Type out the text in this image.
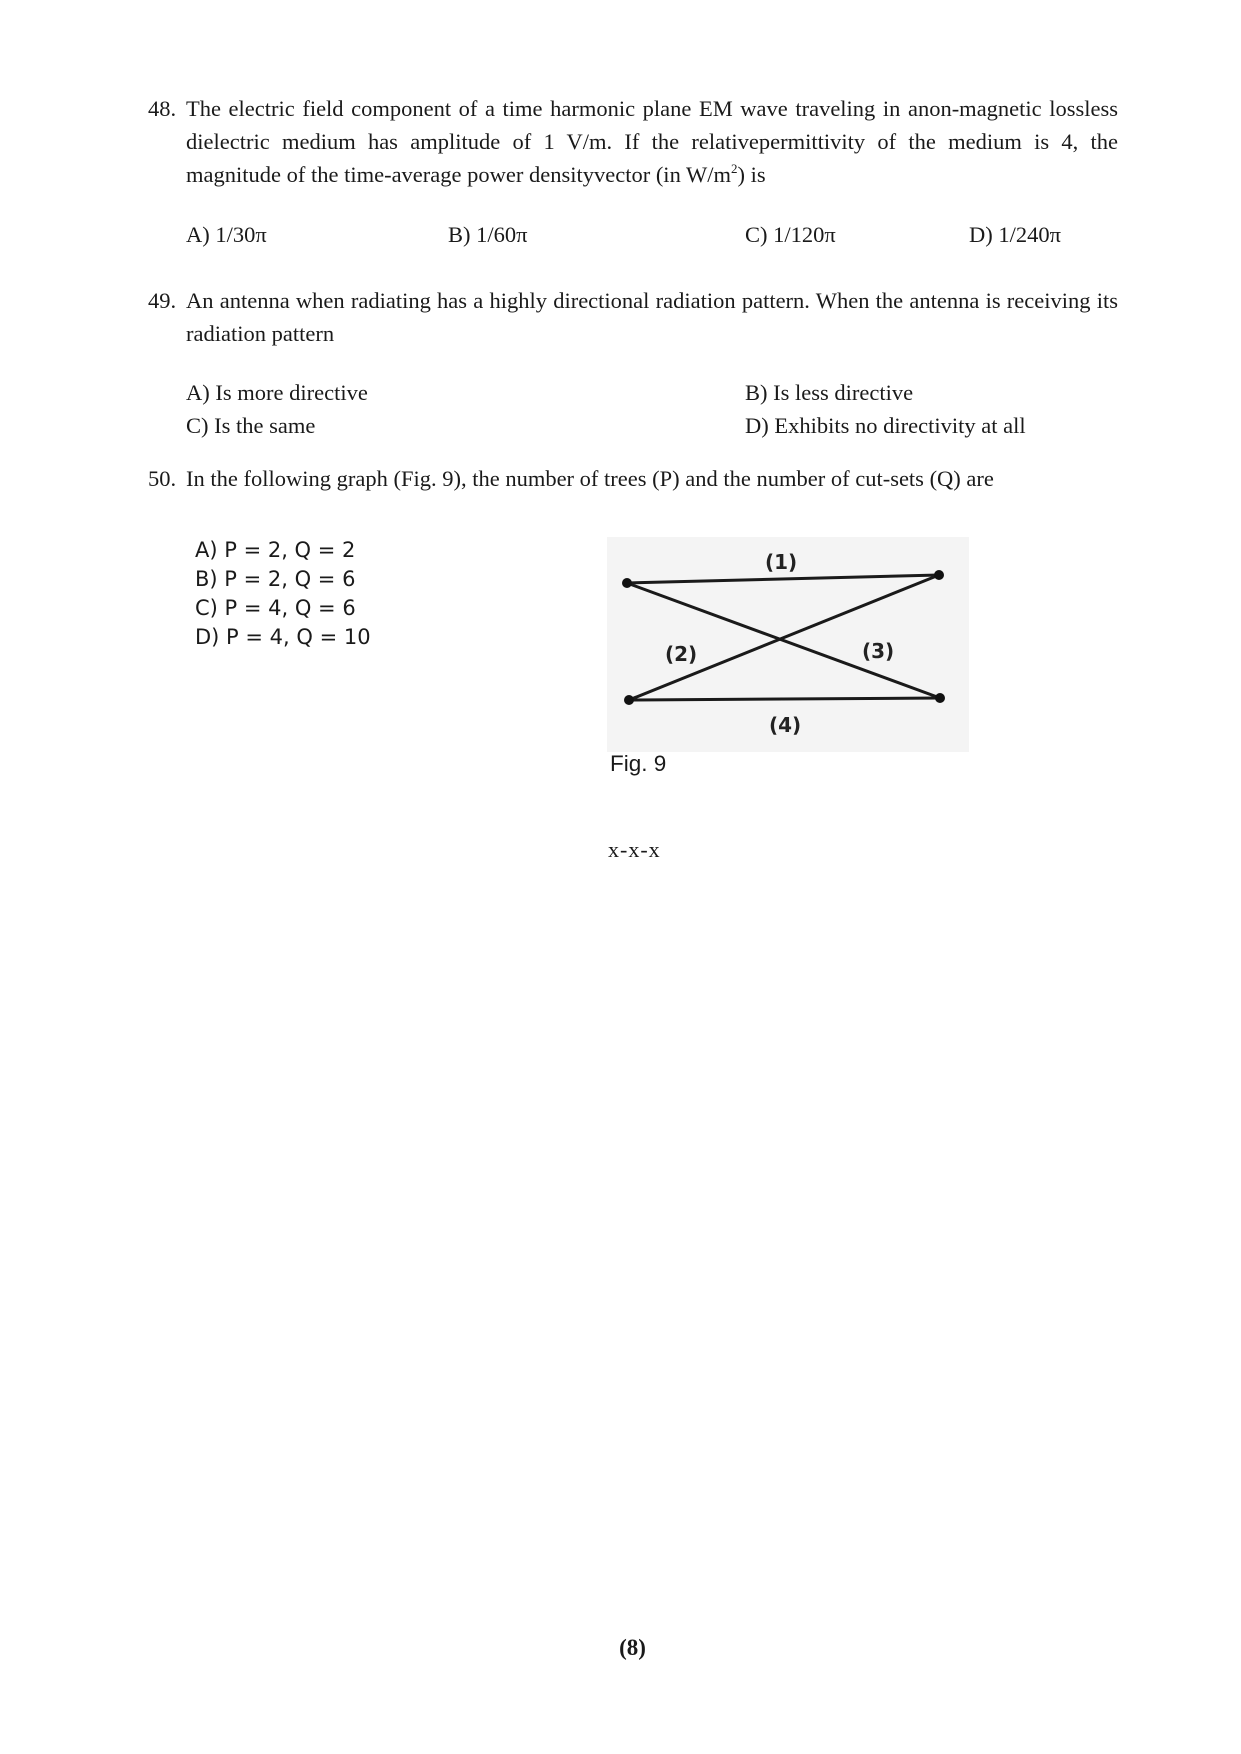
48. The electric field component of a time harmonic plane EM wave traveling in anon-magnetic lossless dielectric medium has amplitude of 1 V/m. If the relativepermittivity of the medium is 4, the magnitude of the time-average power densityvector (in $W/m^2$) is
A) 1/30π	B) 1/60π	C) 1/120π	D) 1/240π
49. An antenna when radiating has a highly directional radiation pattern. When the antenna is receiving its radiation pattern
A) Is more directive	B) Is less directive
C) Is the same	D) Exhibits no directivity at all
50. In the following graph (Fig. 9), the number of trees (P) and the number of cut-sets (Q) are
A) P = 2, Q = 2
B) P = 2, Q = 6
C) P = 4, Q = 6
D) P = 4, Q = 10
(1)
(2)	(3)
(4)
Fig. 9
x-x-x
(8)
